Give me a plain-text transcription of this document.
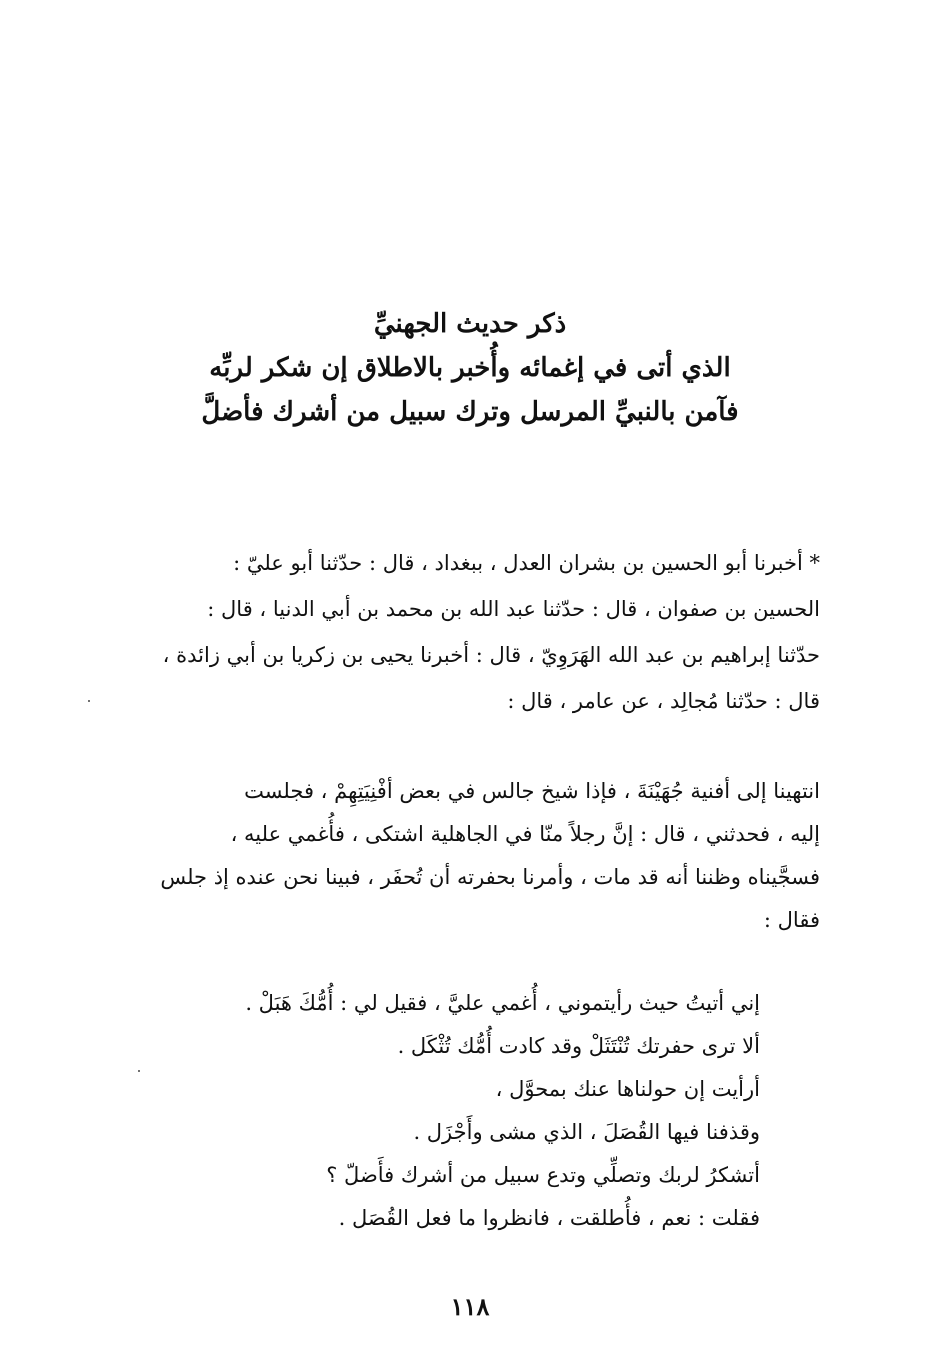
ذكر حديث الجهنيِّ
الذي أتى في إغمائه وأُخبر بالاطلاق إن شكر لربِّه
فآمن بالنبيِّ المرسل وترك سبيل من أشرك فأضلَّ
* أخبرنا أبو الحسين بن بشران العدل ، ببغداد ، قال : حدّثنا أبو عليّ :
الحسين بن صفوان ، قال : حدّثنا عبد الله بن محمد بن أبي الدنيا ، قال :
حدّثنا إبراهيم بن عبد الله الهَرَوِيّ ، قال : أخبرنا يحيى بن زكريا بن أبي زائدة ،
قال : حدّثنا مُجالِد ، عن عامر ، قال :
انتهينا إلى أفنية جُهَيْنَةَ ، فإذا شيخ جالس في بعض أفْنِيَتِهِمْ ، فجلست
إليه ، فحدثني ، قال : إنَّ رجلاً منّا في الجاهلية اشتكى ، فأُغمي عليه ،
فسجَّيناه وظننا أنه قد مات ، وأمرنا بحفرته أن تُحفَر ، فبينا نحن عنده إذ جلس
فقال :
إني أتيتُ حيث رأيتموني ، أُغمي عليَّ ، فقيل لي : أُمُّكَ هَبَلْ .
ألا ترى حفرتك تُنْتَثَلْ وقد كادت أُمُّك تُثْكَل .
أرأيت إن حولناها عنك بمحوَّل ،
وقذفنا فيها القُصَلَ ، الذي مشى وأَجْزَل .
أتشكرُ لربك وتصلِّي وتدع سبيل من أشرك فأَضلّ ؟
فقلت : نعم ، فأُطلقت ، فانظروا ما فعل القُصَل .
١١٨
